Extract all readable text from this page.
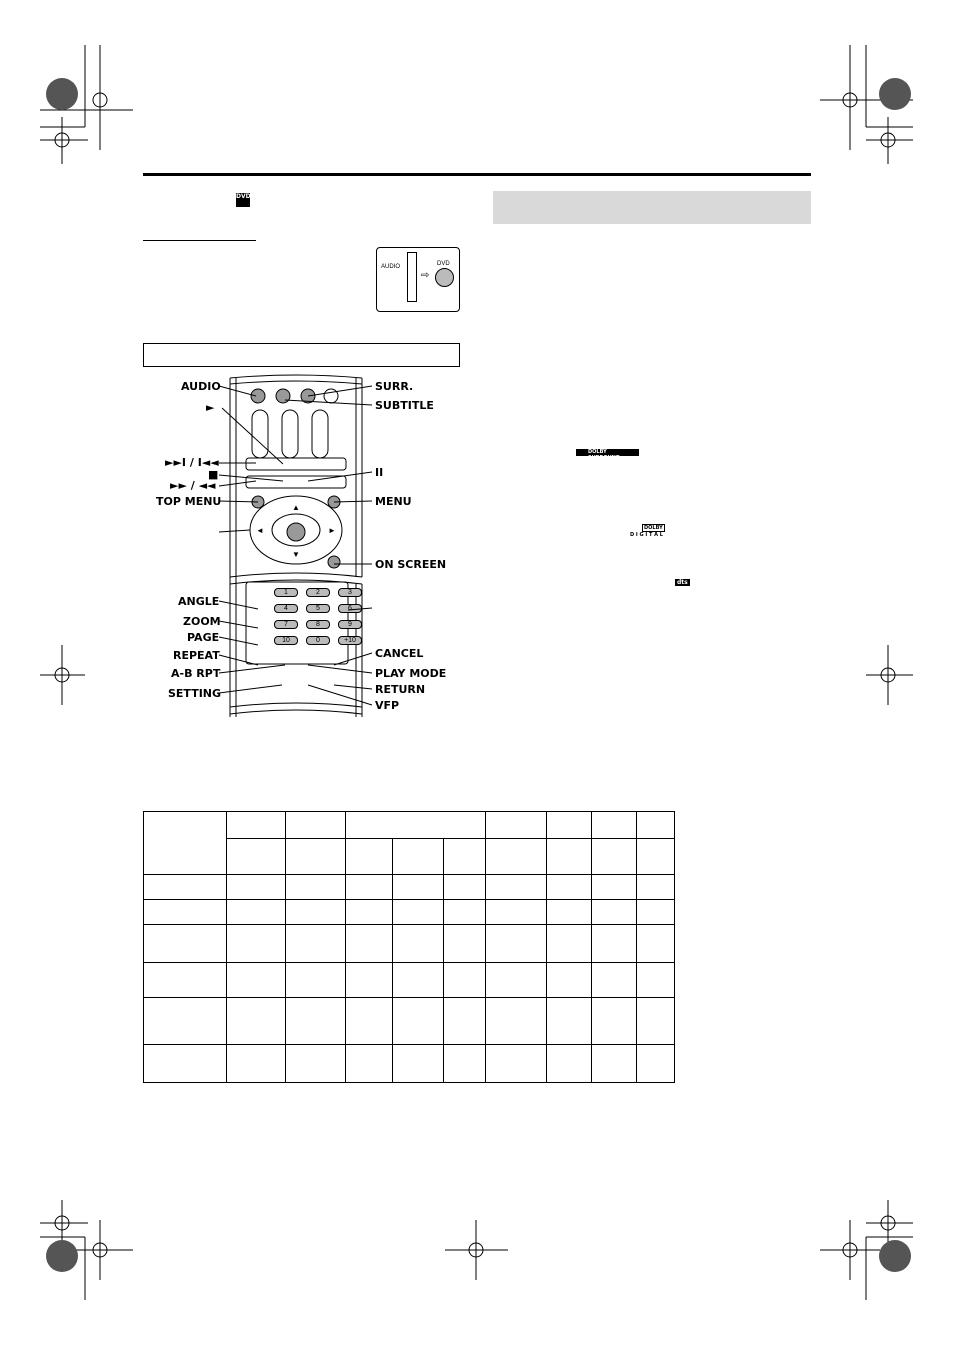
DVD
AUDIO
⇨
DVD
1	2	3
4	5	6
7	8	9
10	0	+10
▲
▼
◄	►
AUDIO
►
►►I / I◄◄
■
►► / ◄◄
TOP MENU
ANGLE
ZOOM
PAGE
REPEAT
A-B RPT
SETTING
SURR.
SUBTITLE
II
MENU
ON SCREEN
CANCEL
PLAY MODE
RETURN
VFP
DOLBY SURROUND
DOLBY
D I G I T A L
dts
